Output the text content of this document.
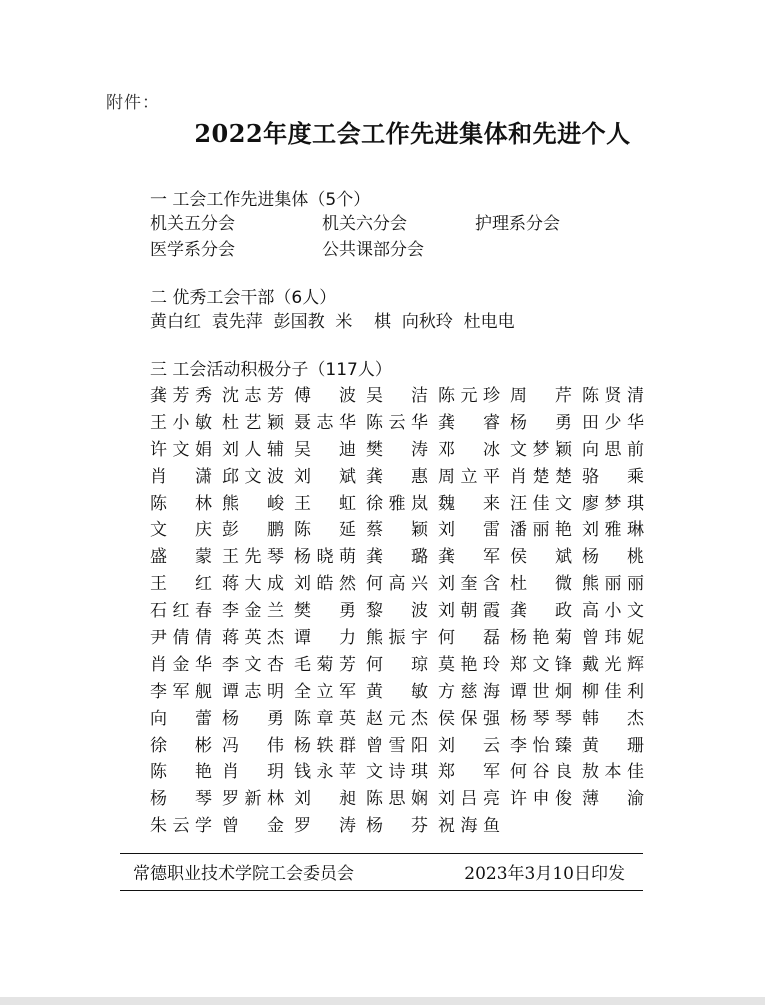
附件：
2022年度工会工作先进集体和先进个人
一 工会工作先进集体（5个）
机关五分会	机关六分会	护理系分会
医学系分会	公共课部分会
二 优秀工会干部（6人）
黄白红  袁先萍  彭国教  米    棋  向秋玲  杜电电
三 工会活动积极分子（117人）
龚芳秀 沈志芳 傅波 吴洁 陈元珍 周芹 陈贤清
王小敏 杜艺颖 聂志华 陈云华 龚睿 杨勇 田少华
许文娟 刘人辅 吴迪 樊涛 邓冰 文梦颖 向思前
肖潇 邱文波 刘斌 龚惠 周立平 肖楚楚 骆乘
陈林 熊峻 王虹 徐雅岚 魏来 汪佳文 廖梦琪
文庆 彭鹏 陈延 蔡颖 刘雷 潘丽艳 刘雅琳
盛蒙 王先琴 杨晓萌 龚璐 龚军 侯斌 杨桃
王红 蒋大成 刘皓然 何高兴 刘奎含 杜微 熊丽丽
石红春 李金兰 樊勇 黎波 刘朝霞 龚政 高小文
尹倩倩 蒋英杰 谭力 熊振宇 何磊 杨艳菊 曾玮妮
肖金华 李文杏 毛菊芳 何琼 莫艳玲 郑文锋 戴光辉
李军舰 谭志明 全立军 黄敏 方慈海 谭世炯 柳佳利
向蕾 杨勇 陈章英 赵元杰 侯保强 杨琴琴 韩杰
徐彬 冯伟 杨轶群 曾雪阳 刘云 李怡臻 黄珊
陈艳 肖玥 钱永苹 文诗琪 郑军 何谷良 敖本佳
杨琴 罗新林 刘昶 陈思娴 刘吕亮 许申俊 薄渝
朱云学 曾金 罗涛 杨芬 祝海鱼
常德职业技术学院工会委员会	2023年3月10日印发
